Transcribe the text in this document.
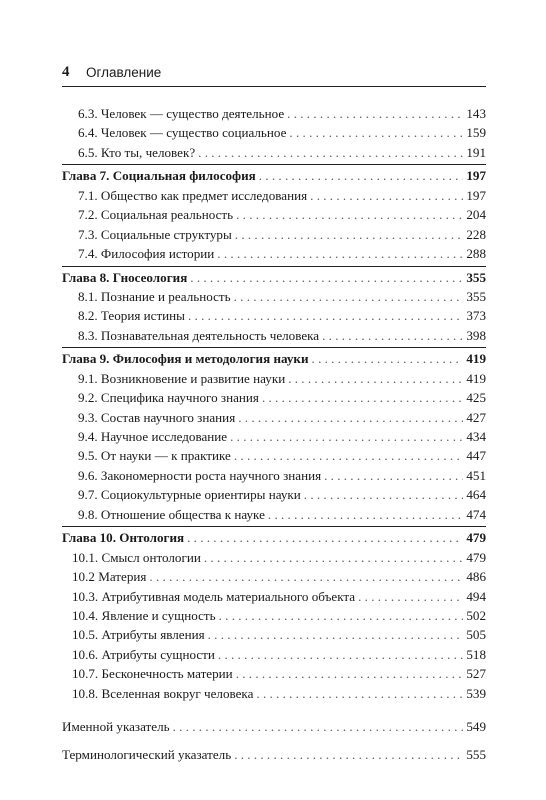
4 Оглавление
6.3. Человек — существо деятельное . . .	143
6.4. Человек — существо социальное . . .	159
6.5. Кто ты, человек? . . .	191
Глава 7. Социальная философия . . .	197
7.1. Общество как предмет исследования . . .	197
7.2. Социальная реальность . . .	204
7.3. Социальные структуры . . .	228
7.4. Философия истории . . .	288
Глава 8. Гносеология . . .	355
8.1. Познание и реальность . . .	355
8.2. Теория истины . . .	373
8.3. Познавательная деятельность человека . . .	398
Глава 9. Философия и методология науки . . .	419
9.1. Возникновение и развитие науки . . .	419
9.2. Специфика научного знания . . .	425
9.3. Состав научного знания . . .	427
9.4. Научное исследование . . .	434
9.5. От науки — к практике . . .	447
9.6. Закономерности роста научного знания . . .	451
9.7. Социокультурные ориентиры науки . . .	464
9.8. Отношение общества к науке . . .	474
Глава 10. Онтология . . .	479
10.1. Смысл онтологии . . .	479
10.2 Материя . . .	486
10.3. Атрибутивная модель материального объекта . . .	494
10.4. Явление и сущность . . .	502
10.5. Атрибуты явления . . .	505
10.6. Атрибуты сущности . . .	518
10.7. Бесконечность материи . . .	527
10.8. Вселенная вокруг человека . . .	539
Именной указатель . . .	549
Терминологический указатель . . .	555
